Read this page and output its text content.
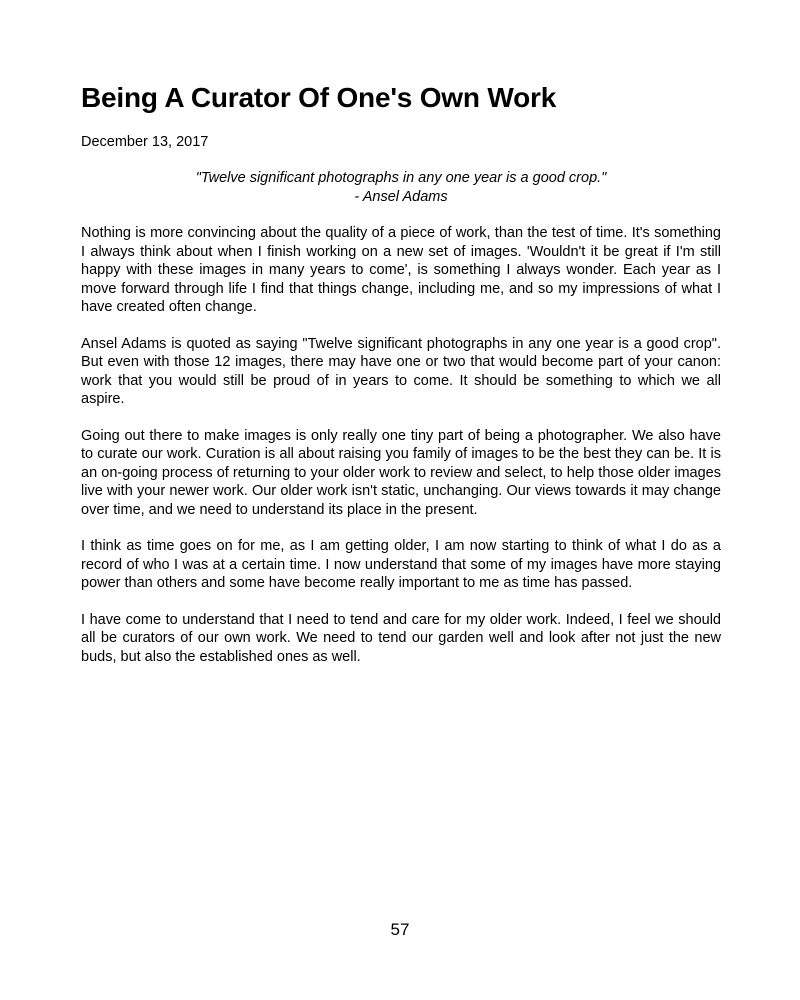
Being A Curator Of One's Own Work
December 13, 2017
"Twelve significant photographs in any one year is a good crop."
- Ansel Adams

Nothing is more convincing about the quality of a piece of work, than the test of time. It's something I always think about when I finish working on a new set of images. 'Wouldn't it be great if I'm still happy with these images in many years to come', is something I always wonder. Each year as I move forward through life I find that things change, including me, and so my impressions of what I have created often change.

Ansel Adams is quoted as saying "Twelve significant photographs in any one year is a good crop". But even with those 12 images, there may have one or two that would become part of your canon: work that you would still be proud of in years to come. It should be something to which we all aspire.

Going out there to make images is only really one tiny part of being a photographer. We also have to curate our work. Curation is all about raising you family of images to be the best they can be. It is an on-going process of returning to your older work to review and select, to help those older images live with your newer work. Our older work isn't static, unchanging. Our views towards it may change over time, and we need to understand its place in the present.

I think as time goes on for me, as I am getting older, I am now starting to think of what I do as a record of who I was at a certain time. I now understand that some of my images have more staying power than others and some have become really important to me as time has passed.

I have come to understand that I need to tend and care for my older work. Indeed, I feel we should all be curators of our own work. We need to tend our garden well and look after not just the new buds, but also the established ones as well.

57
